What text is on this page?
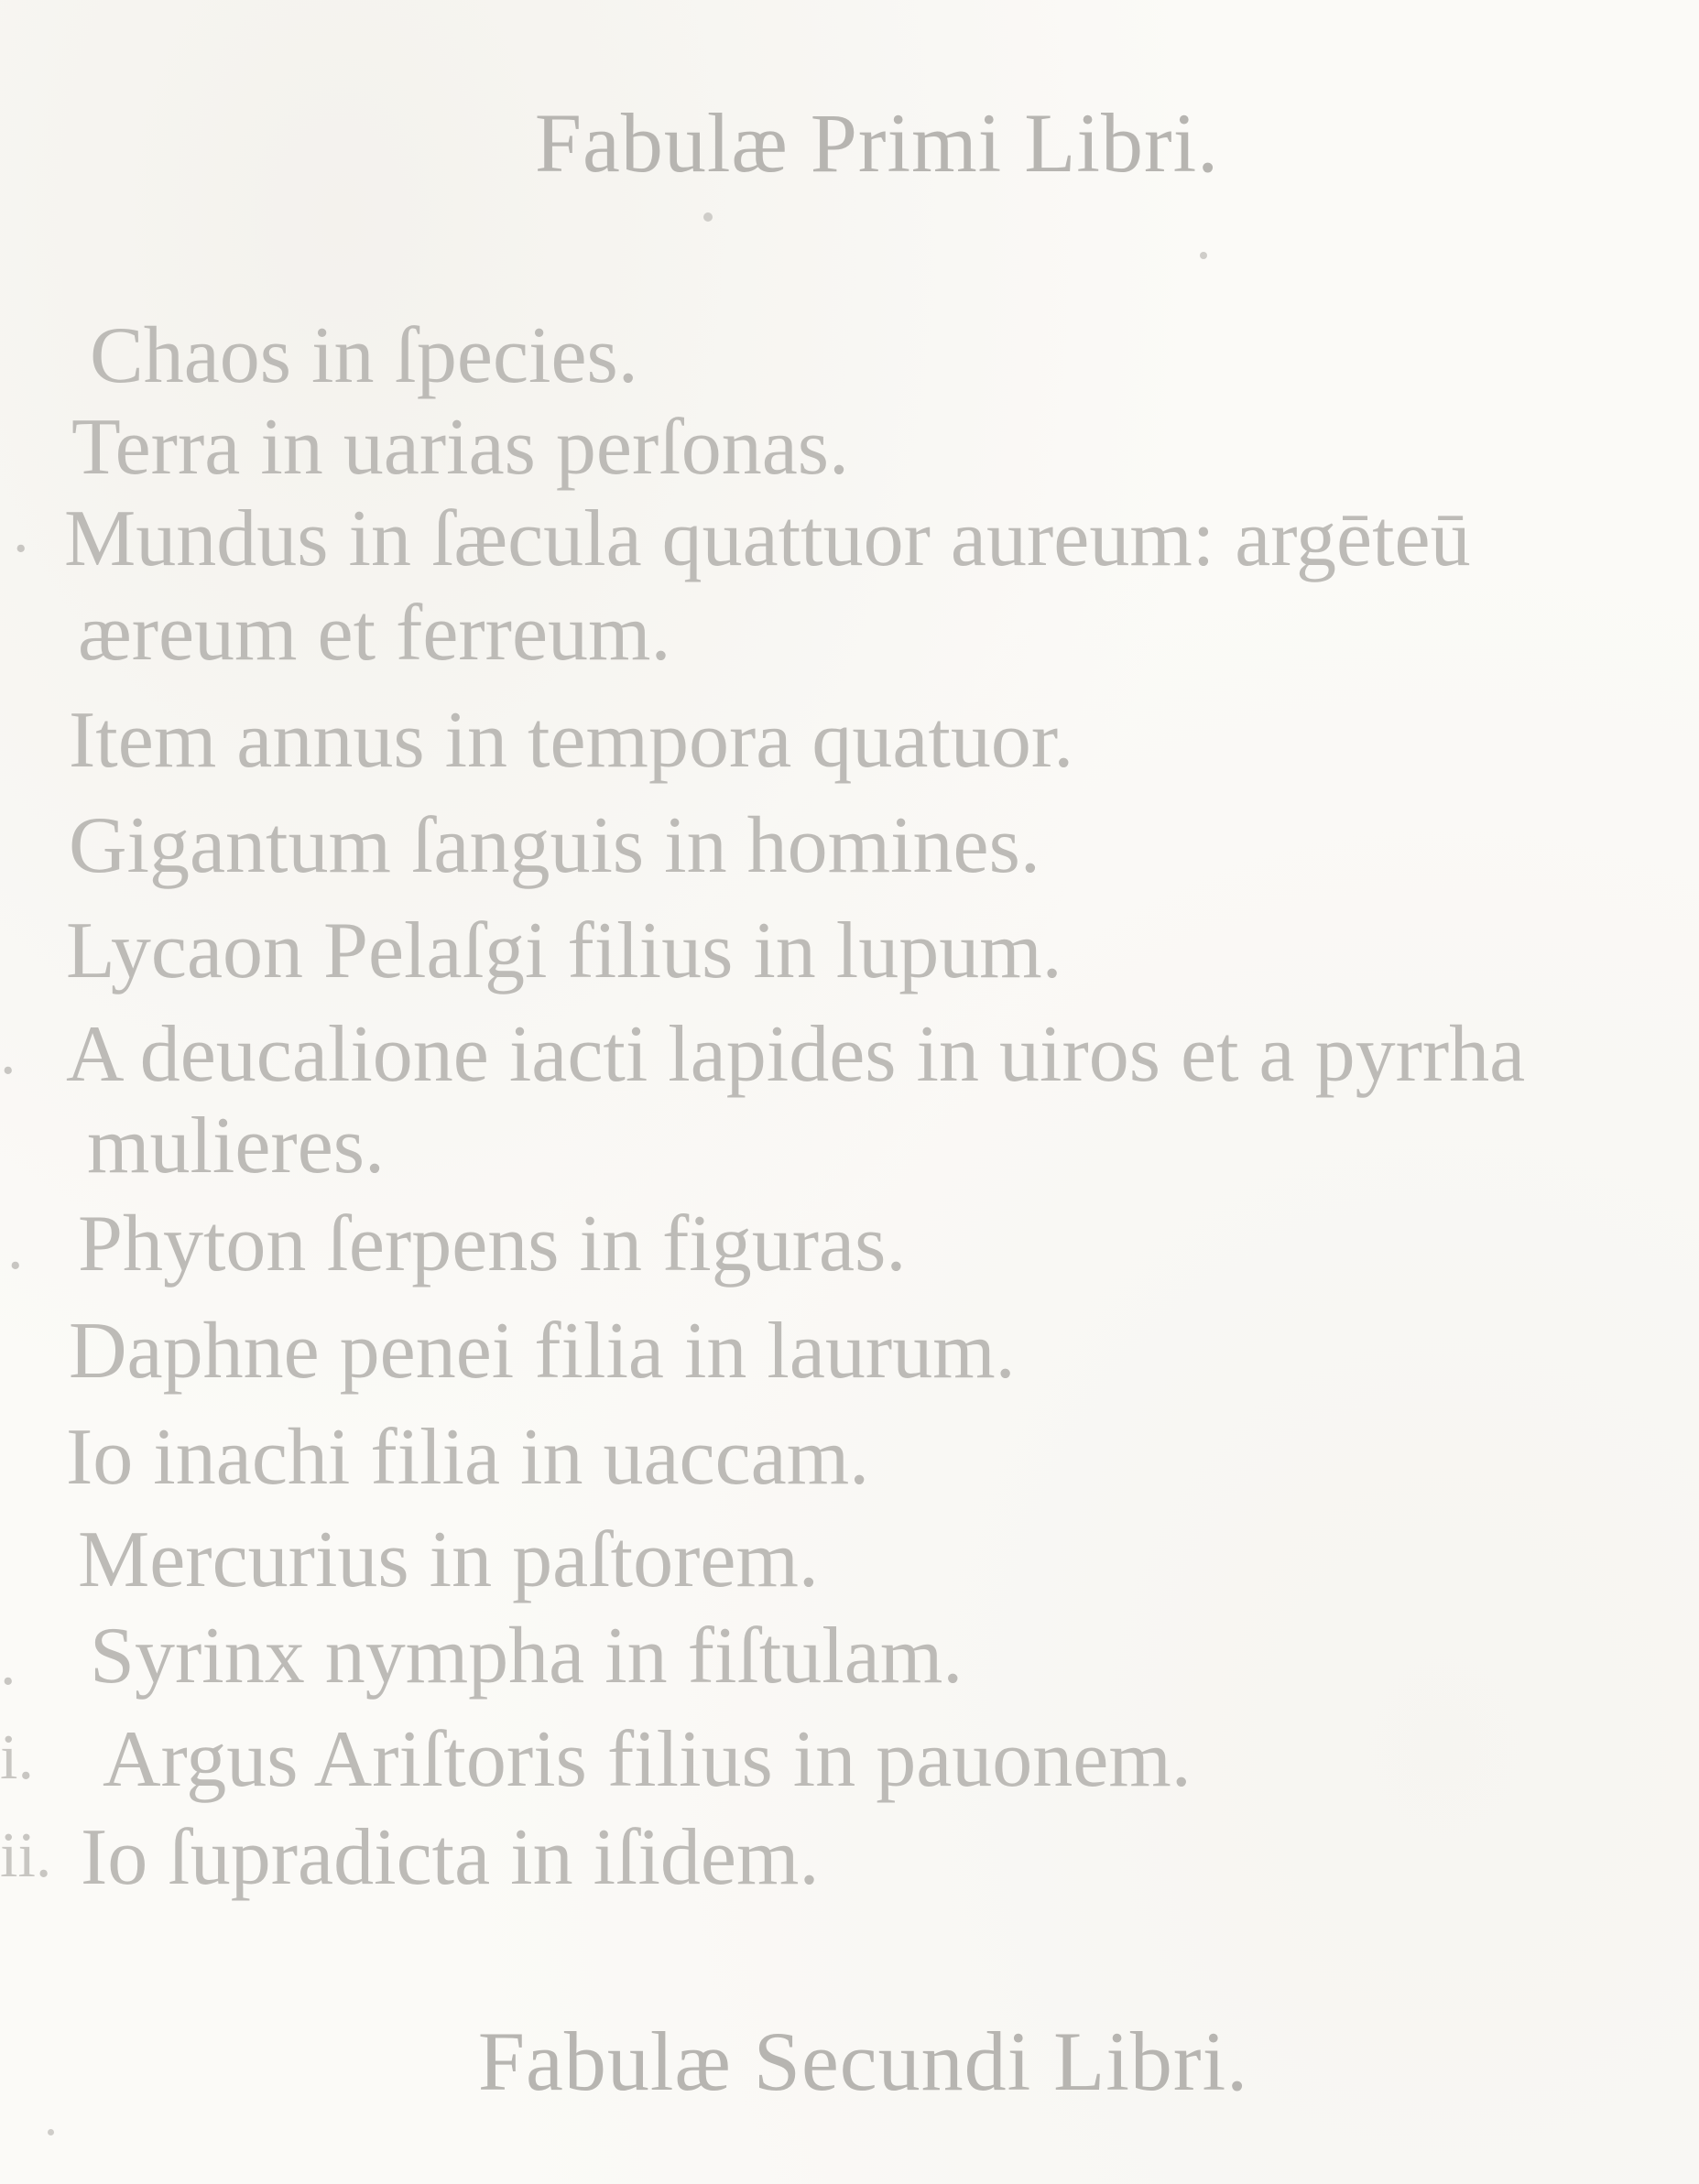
Fabulæ Primi Libri.
Chaos in ſpecies.
Terra in uarias perſonas.
Mundus in ſæcula quattuor aureum: argēteū
æreum et ferreum.
Item annus in tempora quatuor.
Gigantum ſanguis in homines.
Lycaon Pelaſgi filius in lupum.
A deucalione iacti lapides in uiros et a pyrrha
mulieres.
Phyton ſerpens in figuras.
Daphne penei filia in laurum.
Io inachi filia in uaccam.
Mercurius in paſtorem.
Syrinx nympha in fiſtulam.
Argus Ariſtoris filius in pauonem.
Io ſupradicta in iſidem.
.
.
.
.
i.
ii.
Fabulæ Secundi Libri.
